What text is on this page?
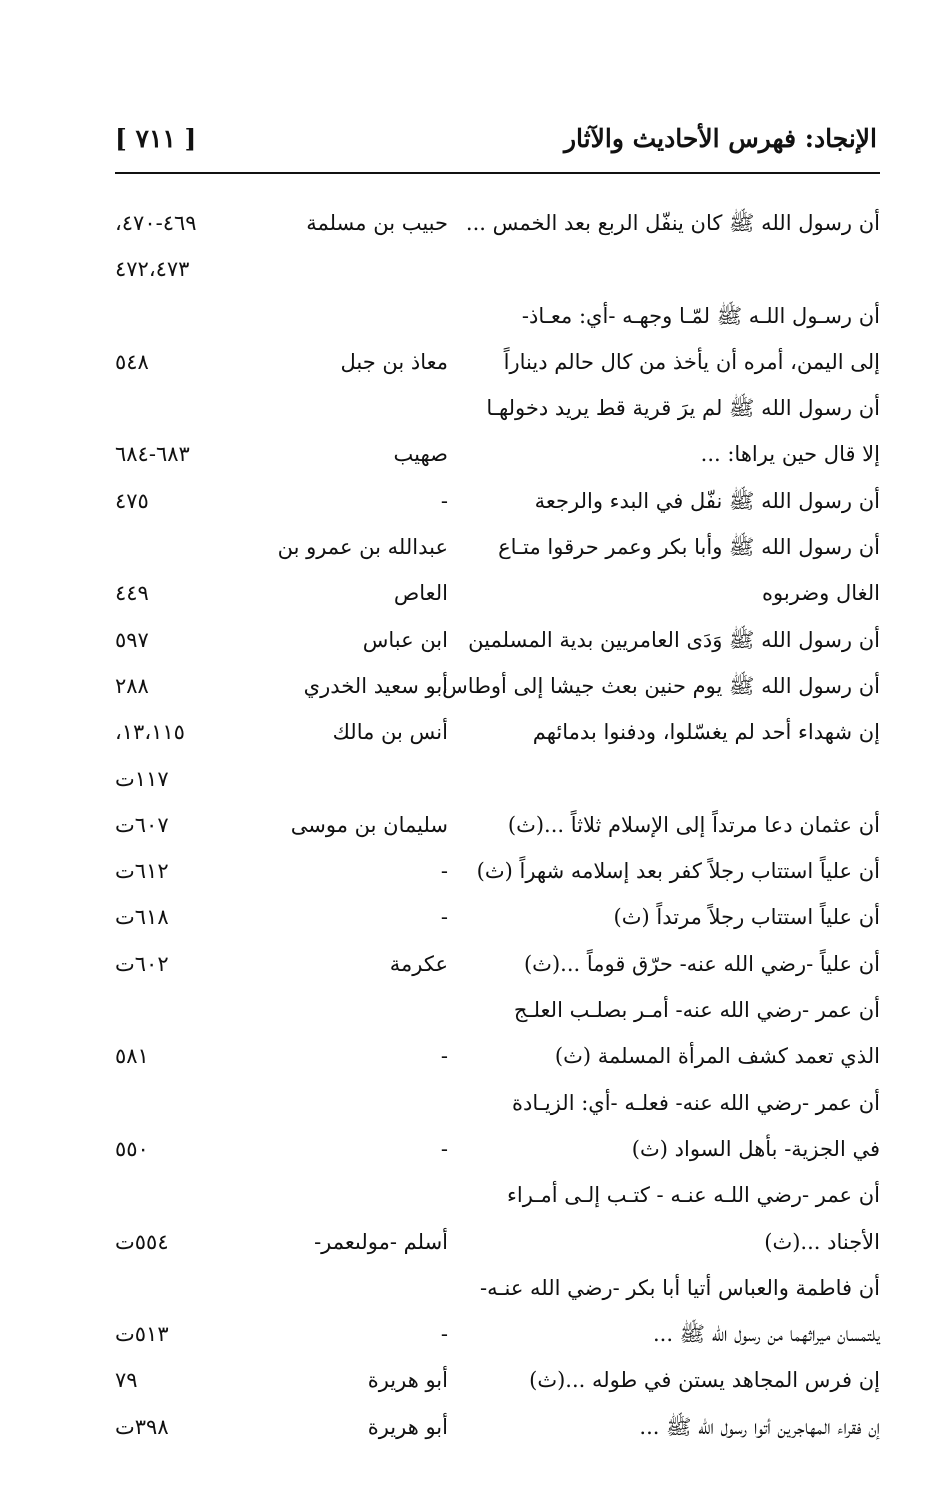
الإنجاد: فهرس الأحاديث والآثار
[ ٧١١ ]
أن رسول الله ﷺ كان ينفّل الربع بعد الخمس ...
حبيب بن مسلمة
٤٦٩-٤٧٠،
٤٧٢،٤٧٣
أن رسـول اللـه ﷺ لمّـا وجهـه -أي: معـاذ-
إلى اليمن، أمره أن يأخذ من كال حالم ديناراً
معاذ بن جبل
٥٤٨
أن رسول الله ﷺ لم يرَ قرية قط يريد دخولهـا
إلا قال حين يراها: ...
صهيب
٦٨٣-٦٨٤
أن رسول الله ﷺ نفّل في البدء والرجعة
-
٤٧٥
أن رسول الله ﷺ وأبا بكر وعمر حرقوا متـاع
عبدالله بن عمرو بن
الغال وضربوه
العاص
٤٤٩
أن رسول الله ﷺ وَدَى العامريين بدية المسلمين
ابن عباس
٥٩٧
أن رسول الله ﷺ يوم حنين بعث جيشا إلى أوطاس
أبو سعيد الخدري
٢٨٨
إن شهداء أحد لم يغسّلوا، ودفنوا بدمائهم
أنس بن مالك
١٣،١١٥،
١١٧ت
أن عثمان دعا مرتداً إلى الإسلام ثلاثاً ...(ث)
سليمان بن موسى
٦٠٧ت
أن علياً استتاب رجلاً كفر بعد إسلامه شهراً (ث)
-
٦١٢ت
أن علياً استتاب رجلاً مرتداً (ث)
-
٦١٨ت
أن علياً -رضي الله عنه- حرّق قوماً ...(ث)
عكرمة
٦٠٢ت
أن عمر -رضي الله عنه- أمـر بصلـب العلـج
الذي تعمد كشف المرأة المسلمة (ث)
-
٥٨١
أن عمر -رضي الله عنه- فعلـه -أي: الزيـادة
في الجزية- بأهل السواد (ث)
-
٥٥٠
أن عمر -رضي اللـه عنـه - كتـب إلـى أمـراء
الأجناد ...(ث)
أسلم -مولىعمر-
٥٥٤ت
أن فاطمة والعباس أتيا أبا بكر -رضي الله عنـه-
يلتمسان ميراثهما من رسول الله ﷺ ...
-
٥١٣ت
إن فرس المجاهد يستن في طوله ...(ث)
أبو هريرة
٧٩
إن فقراء المهاجرين أتوا رسول الله ﷺ ...
أبو هريرة
٣٩٨ت
